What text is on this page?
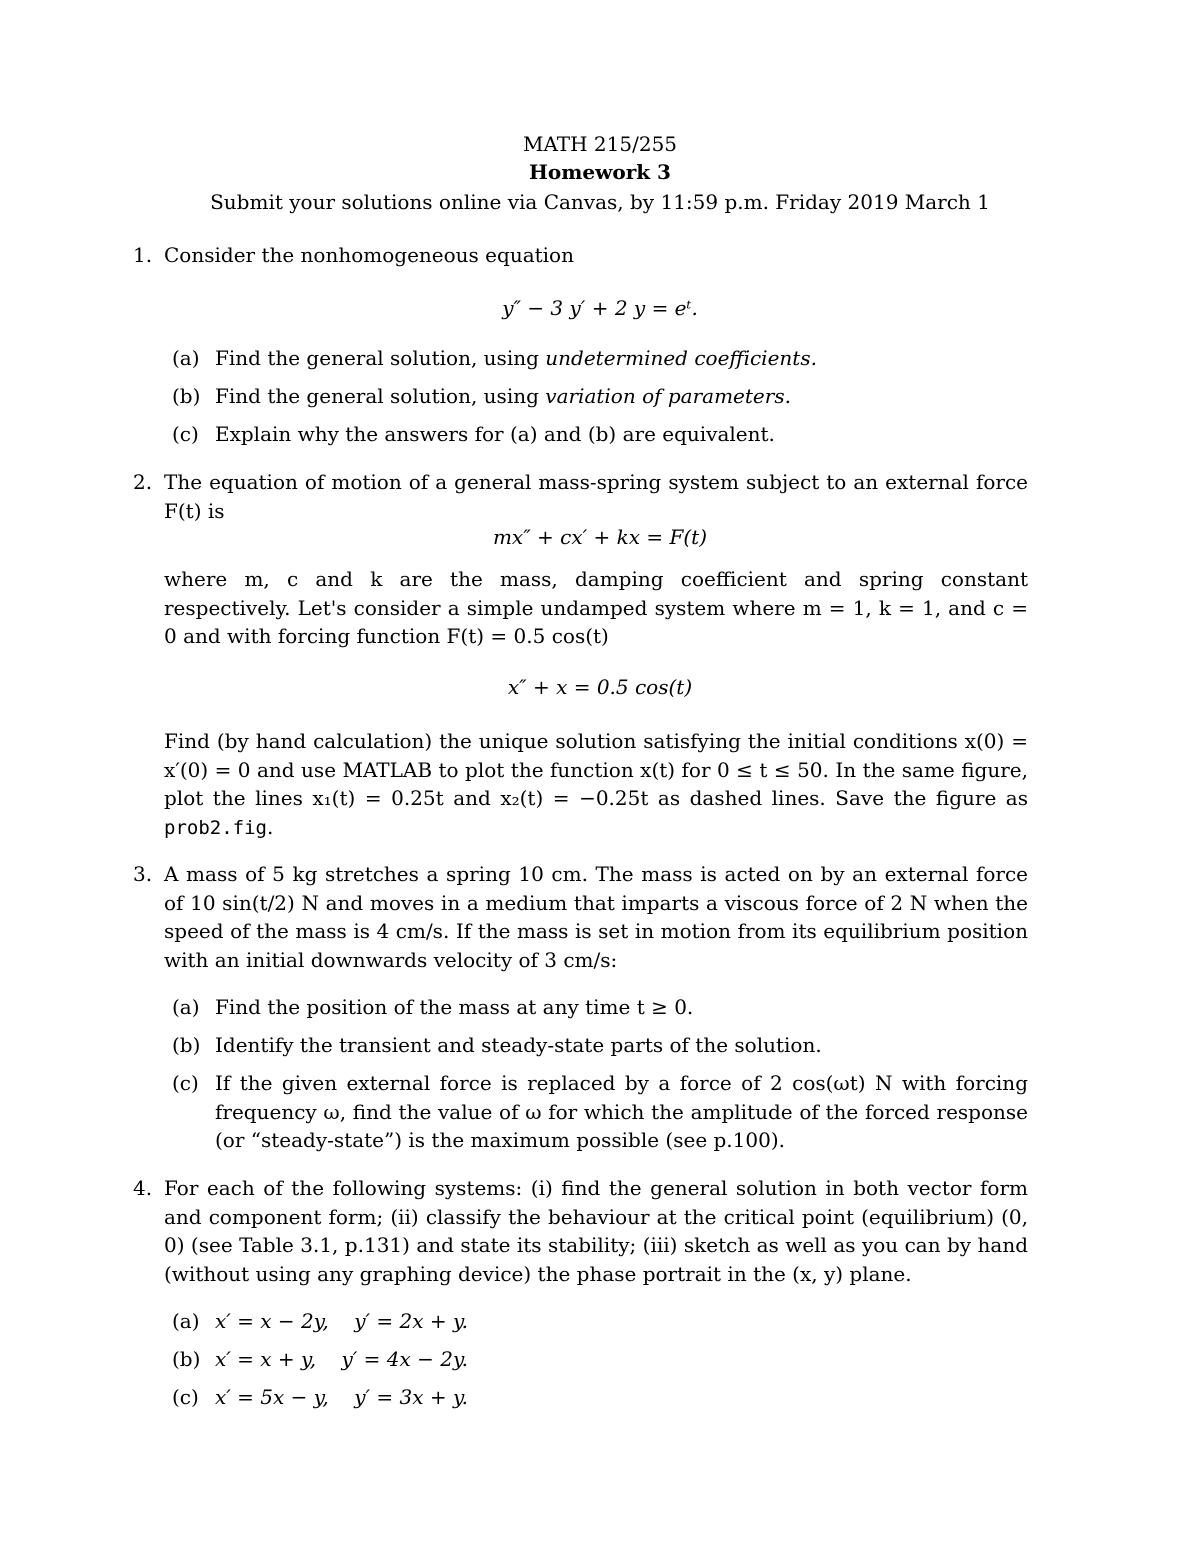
MATH 215/255
Homework 3
Submit your solutions online via Canvas, by 11:59 p.m. Friday 2019 March 1
1. Consider the nonhomogeneous equation
y″ − 3 y′ + 2 y = eᵗ.
(a) Find the general solution, using undetermined coefficients.
(b) Find the general solution, using variation of parameters.
(c) Explain why the answers for (a) and (b) are equivalent.
2. The equation of motion of a general mass-spring system subject to an external force F(t) is
mx″ + cx′ + kx = F(t)
where m, c and k are the mass, damping coefficient and spring constant respectively. Let's consider a simple undamped system where m = 1, k = 1, and c = 0 and with forcing function F(t) = 0.5 cos(t)
x″ + x = 0.5 cos(t)
Find (by hand calculation) the unique solution satisfying the initial conditions x(0) = x′(0) = 0 and use MATLAB to plot the function x(t) for 0 ≤ t ≤ 50. In the same figure, plot the lines x₁(t) = 0.25t and x₂(t) = −0.25t as dashed lines. Save the figure as prob2.fig.
3. A mass of 5 kg stretches a spring 10 cm. The mass is acted on by an external force of 10 sin(t/2) N and moves in a medium that imparts a viscous force of 2 N when the speed of the mass is 4 cm/s. If the mass is set in motion from its equilibrium position with an initial downwards velocity of 3 cm/s:
(a) Find the position of the mass at any time t ≥ 0.
(b) Identify the transient and steady-state parts of the solution.
(c) If the given external force is replaced by a force of 2 cos(ωt) N with forcing frequency ω, find the value of ω for which the amplitude of the forced response (or “steady-state”) is the maximum possible (see p.100).
4. For each of the following systems: (i) find the general solution in both vector form and component form; (ii) classify the behaviour at the critical point (equilibrium) (0, 0) (see Table 3.1, p.131) and state its stability; (iii) sketch as well as you can by hand (without using any graphing device) the phase portrait in the (x, y) plane.
(a) x′ = x − 2y,    y′ = 2x + y.
(b) x′ = x + y,    y′ = 4x − 2y.
(c) x′ = 5x − y,    y′ = 3x + y.
